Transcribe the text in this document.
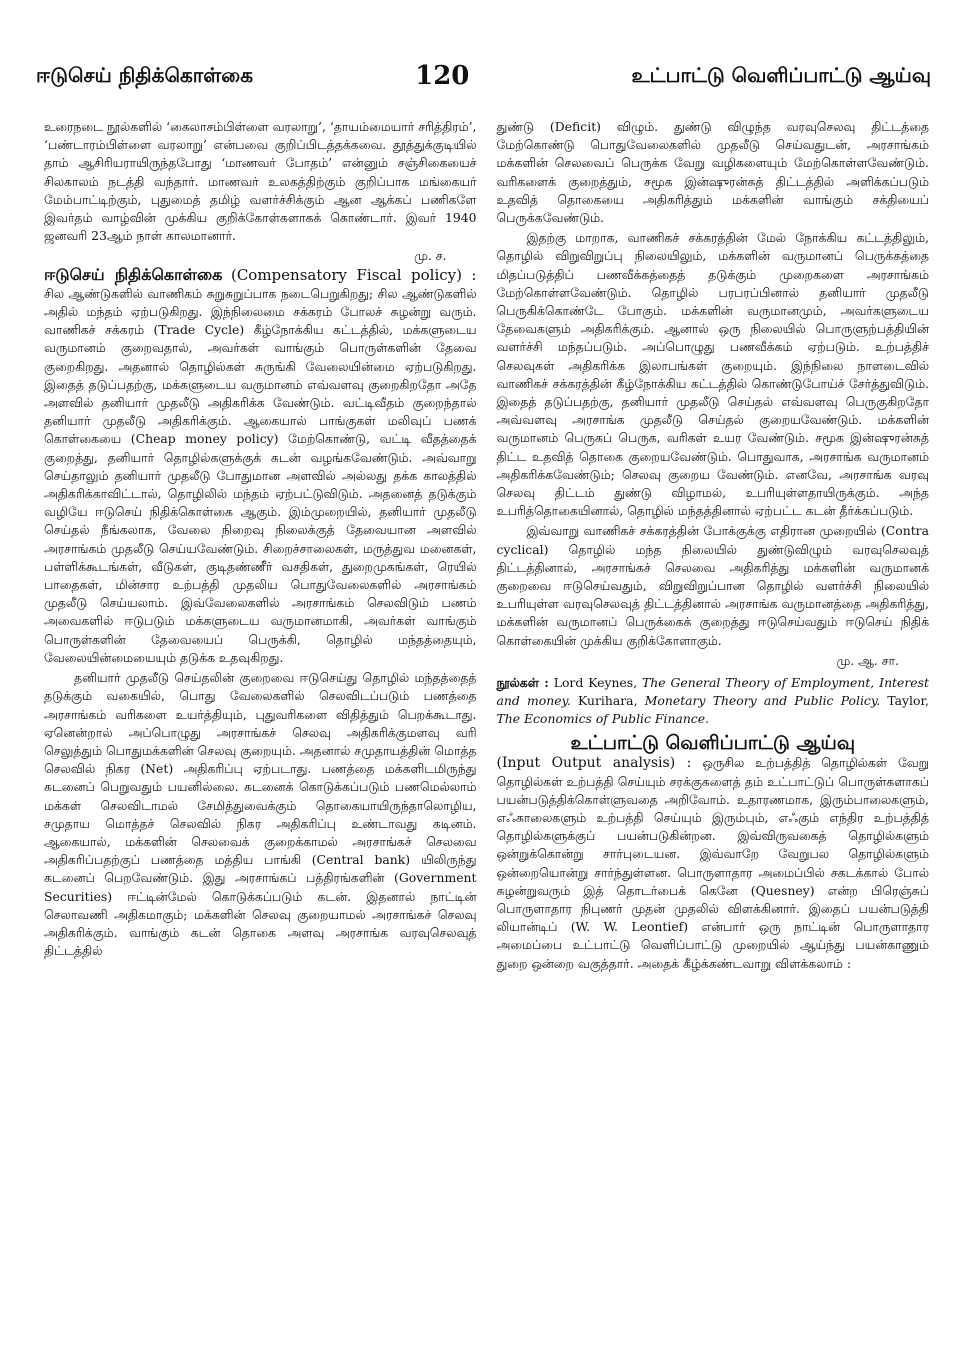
ஈடுசெய் நிதிக்கொள்கை	120	உட்பாட்டு வெளிப்பாட்டு ஆய்வு

உரைநடை நூல்களில் ‘கைலாசம்பிள்ளை வரலாறு’, ‘தாயம்மையார் சரித்திரம்’, ‘பண்டாரம்பிள்ளை வரலாறு’ என்பவை குறிப்பிடத்தக்கவை. தூத்துக்குடியில் தாம் ஆசிரியராயிருந்தபோது ‘மாணவர் போதம்’ என்னும் சஞ்சிகையைச் சிலகாலம் நடத்தி வந்தார். மாணவர் உலகத்திற்கும் குறிப்பாக மங்கையர் மேம்பாட்டிற்கும், புதுமைத் தமிழ் வளர்ச்சிக்கும் ஆன ஆக்கப் பணிகளே இவர்தம் வாழ்வின் முக்கிய குறிக்கோள்களாகக் கொண்டார். இவர் 1940 ஜனவரி 23ஆம் நாள் காலமானார்.

மு. ச.

ஈடுசெய் நிதிக்கொள்கை (Compensatory Fiscal policy) : சில ஆண்டுகளில் வாணிகம் சுறுசுறுப்பாக நடைபெறுகிறது; சில ஆண்டுகளில் அதில் மந்தம் ஏற்படுகிறது. இந்நிலைமை சக்கரம் போலச் சுழன்று வரும். வாணிகச் சக்கரம் (Trade Cycle) கீழ்நோக்கிய கட்டத்தில், மக்களுடைய வருமானம் குறைவதால், அவர்கள் வாங்கும் பொருள்களின் தேவை குறைகிறது. அதனால் தொழில்கள் சுருங்கி வேலையின்மை ஏற்படுகிறது. இதைத் தடுப்பதற்கு, மக்களுடைய வருமானம் எவ்வளவு குறைகிறதோ அதே அளவில் தனியார் முதலீடு அதிகரிக்க வேண்டும். வட்டிவீதம் குறைந்தால் தனியார் முதலீடு அதிகரிக்கும். ஆகையால் பாங்குகள் மலிவுப் பணக் கொள்கையை (Cheap money policy) மேற்கொண்டு, வட்டி வீதத்தைக் குறைத்து, தனியார் தொழில்களுக்குக் கடன் வழங்கவேண்டும். அவ்வாறு செய்தாலும் தனியார் முதலீடு போதுமான அளவில் அல்லது தக்க காலத்தில் அதிகரிக்காவிட்டால், தொழிலில் மந்தம் ஏற்பட்டுவிடும். அதனைத் தடுக்கும் வழியே ஈடுசெய் நிதிக்கொள்கை ஆகும். இம்முறையில், தனியார் முதலீடு செய்தல் நீங்கலாக, வேலை நிறைவு நிலைக்குத் தேவையான அளவில் அரசாங்கம் முதலீடு செய்யவேண்டும். சிறைச்சாலைகள், மருத்துவ மனைகள், பள்ளிக்கூடங்கள், வீடுகள், குடிதண்ணீர் வசதிகள், துறைமுகங்கள், ரெயில் பாதைகள், மின்சார உற்பத்தி முதலிய பொதுவேலைகளில் அரசாங்கம் முதலீடு செய்யலாம். இவ்வேலைகளில் அரசாங்கம் செலவிடும் பணம் அவைகளில் ஈடுபடும் மக்களுடைய வருமானமாகி, அவர்கள் வாங்கும் பொருள்களின் தேவையைப் பெருக்கி, தொழில் மந்தத்தையும், வேலையின்மையையும் தடுக்க உதவுகிறது.

தனியார் முதலீடு செய்தலின் குறைவை ஈடுசெய்து தொழில் மந்தத்தைத் தடுக்கும் வகையில், பொது வேலைகளில் செலவிடப்படும் பணத்தை அரசாங்கம் வரிகளை உயர்த்தியும், புதுவரிகளை விதித்தும் பெறக்கூடாது. ஏனென்றால் அப்பொழுது அரசாங்கச் செலவு அதிகரிக்குமளவு வரி செலுத்தும் பொதுமக்களின் செலவு குறையும். அதனால் சமுதாயத்தின் மொத்த செலவில் நிகர (Net) அதிகரிப்பு ஏற்படாது. பணத்தை மக்களிடமிருந்து கடனைப் பெறுவதும் பயனில்லை. கடனைக் கொடுக்கப்படும் பணமெல்லாம் மக்கள் செலவிடாமல் சேமித்துவைக்கும் தொகையாயிருந்தாலொழிய, சமுதாய மொத்தச் செலவில் நிகர அதிகரிப்பு உண்டாவது கடினம். ஆகையால், மக்களின் செலவைக் குறைக்காமல் அரசாங்கச் செலவை அதிகரிப்பதற்குப் பணத்தை மத்திய பாங்கி (Central bank) யிலிருந்து கடனைப் பெறவேண்டும். இது அரசாங்கப் பத்திரங்களின் (Government Securities) ஈட்டின்மேல் கொடுக்கப்படும் கடன். இதனால் நாட்டின் செலாவணி அதிகமாகும்; மக்களின் செலவு குறையாமல் அரசாங்கச் செலவு அதிகரிக்கும். வாங்கும் கடன் தொகை அளவு அரசாங்க வரவுசெலவுத் திட்டத்தில்

துண்டு (Deficit) விழும். துண்டு விழுந்த வரவுசெலவு திட்டத்தை மேற்கொண்டு பொதுவேலைகளில் முதலீடு செய்வதுடன், அரசாங்கம் மக்களின் செலவைப் பெருக்க வேறு வழிகளையும் மேற்கொள்ளவேண்டும். வரிகளைக் குறைத்தும், சமூக இன்ஷுரன்சுத் திட்டத்தில் அளிக்கப்படும் உதவித் தொகையை அதிகரித்தும் மக்களின் வாங்கும் சக்தியைப் பெருக்கவேண்டும்.

இதற்கு மாறாக, வாணிகச் சக்கரத்தின் மேல் நோக்கிய கட்டத்திலும், தொழில் விறுவிறுப்பு நிலையிலும், மக்களின் வருமானப் பெருக்கத்தை மிதப்படுத்திப் பணவீக்கத்தைத் தடுக்கும் முறைகளை அரசாங்கம் மேற்கொள்ளவேண்டும். தொழில் பரபரப்பினால் தனியார் முதலீடு பெருகிக்கொண்டே போகும். மக்களின் வருமானமும், அவர்களுடைய தேவைகளும் அதிகரிக்கும். ஆனால் ஒரு நிலையில் பொருளுற்பத்தியின் வளர்ச்சி மந்தப்படும். அப்பொழுது பணவீக்கம் ஏற்படும். உற்பத்திச் செலவுகள் அதிகரிக்க இலாபங்கள் குறையும். இந்நிலை நாளடைவில் வாணிகச் சக்கரத்தின் கீழ்நோக்கிய கட்டத்தில் கொண்டுபோய்ச் சேர்த்துவிடும். இதைத் தடுப்பதற்கு, தனியார் முதலீடு செய்தல் எவ்வளவு பெருகுகிறதோ அவ்வளவு அரசாங்க முதலீடு செய்தல் குறையவேண்டும். மக்களின் வருமானம் பெருகப் பெருக, வரிகள் உயர வேண்டும். சமூக இன்ஷுரன்சுத் திட்ட உதவித் தொகை குறையவேண்டும். பொதுவாக, அரசாங்க வருமானம் அதிகரிக்கவேண்டும்; செலவு குறைய வேண்டும். எனவே, அரசாங்க வரவு செலவு திட்டம் துண்டு விழாமல், உபரியுள்ளதாயிருக்கும். அந்த உபரித்தொகையினால், தொழில் மந்தத்தினால் ஏற்பட்ட கடன் தீர்க்கப்படும்.

இவ்வாறு வாணிகச் சக்கரத்தின் போக்குக்கு எதிரான முறையில் (Contra cyclical) தொழில் மந்த நிலையில் துண்டுவிழும் வரவுசெலவுத் திட்டத்தினால், அரசாங்கச் செலவை அதிகரித்து மக்களின் வருமானக் குறைவை ஈடுசெய்வதும், விறுவிறுப்பான தொழில் வளர்ச்சி நிலையில் உபரியுள்ள வரவுசெலவுத் திட்டத்தினால் அரசாங்க வருமானத்தை அதிகரித்து, மக்களின் வருமானப் பெருக்கைக் குறைத்து ஈடுசெய்வதும் ஈடுசெய் நிதிக் கொள்கையின் முக்கிய குறிக்கோளாகும்.

மு. ஆ. சா.
நூல்கள் : Lord Keynes, The General Theory of Employment, Interest and money. Kurihara, Monetary Theory and Public Policy. Taylor, The Economics of Public Finance.
உட்பாட்டு வெளிப்பாட்டு ஆய்வு

(Input Output analysis) : ஒருசில உற்பத்தித் தொழில்கள் வேறு தொழில்கள் உற்பத்தி செய்யும் சரக்குகளைத் தம் உட்பாட்டுப் பொருள்களாகப் பயன்படுத்திக்கொள்ளுவதை அறிவோம். உதாரணமாக, இரும்பாலைகளும், எஃகாலைகளும் உற்பத்தி செய்யும் இரும்பும், எஃகும் எந்திர உற்பத்தித் தொழில்களுக்குப் பயன்படுகின்றன. இவ்விருவகைத் தொழில்களும் ஒன்றுக்கொன்று சார்புடையன. இவ்வாறே வேறுபல தொழில்களும் ஒன்றையொன்று சார்ந்துள்ளன. பொருளாதார அமைப்பில் சகடக்கால் போல் சுழன்றுவரும் இத் தொடர்பைக் கெனே (Quesney) என்ற பிரெஞ்சுப் பொருளாதார நிபுணர் முதன் முதலில் விளக்கினார். இதைப் பயன்படுத்தி லியான்டிப் (W. W. Leontief) என்பார் ஒரு நாட்டின் பொருளாதார அமைப்பை உட்பாட்டு வெளிப்பாட்டு முறையில் ஆய்ந்து பயன்காணும் துறை ஒன்றை வகுத்தார். அதைக் கீழ்க்கண்டவாறு விளக்கலாம் :
